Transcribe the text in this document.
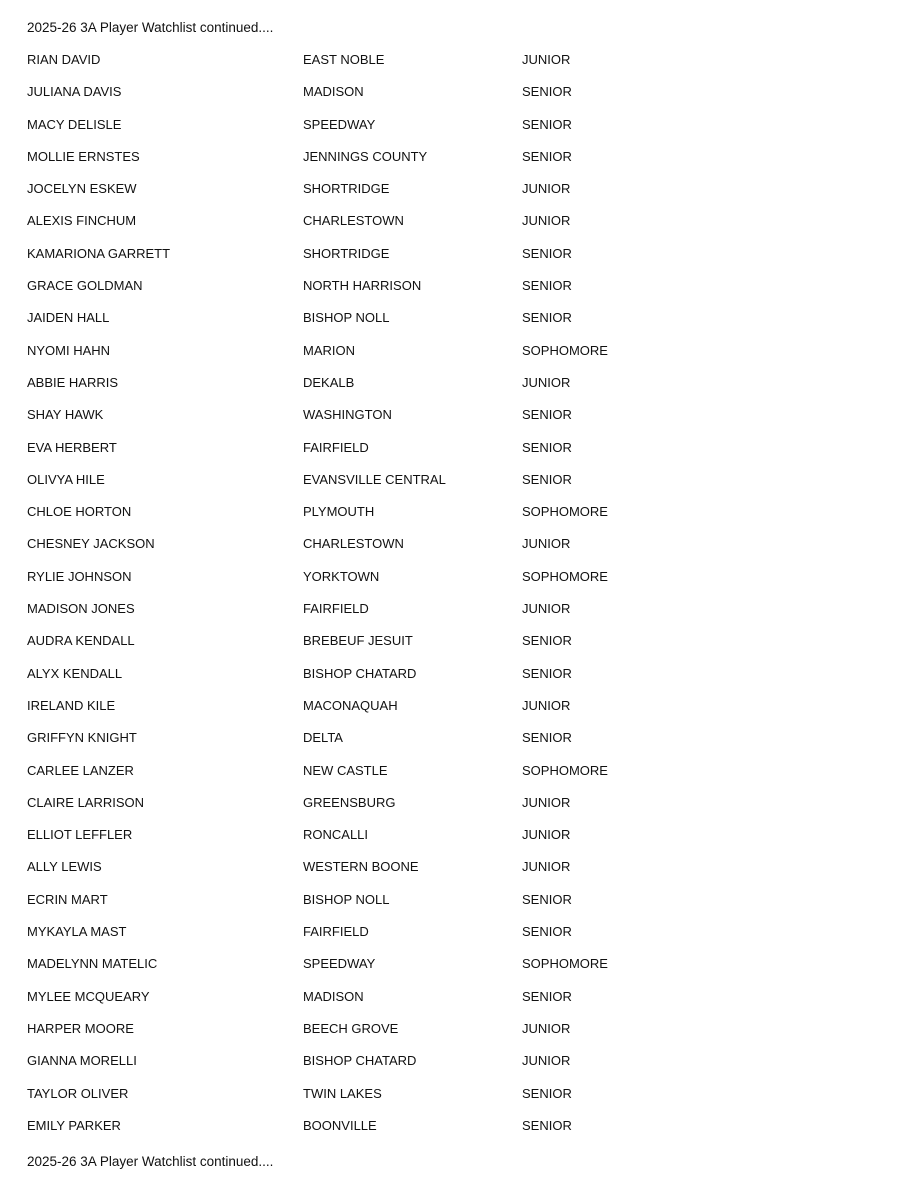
2025-26 3A Player Watchlist continued....
RIAN DAVID	EAST NOBLE	JUNIOR
JULIANA DAVIS	MADISON	SENIOR
MACY DELISLE	SPEEDWAY	SENIOR
MOLLIE ERNSTES	JENNINGS COUNTY	SENIOR
JOCELYN ESKEW	SHORTRIDGE	JUNIOR
ALEXIS FINCHUM	CHARLESTOWN	JUNIOR
KAMARIONA GARRETT	SHORTRIDGE	SENIOR
GRACE GOLDMAN	NORTH HARRISON	SENIOR
JAIDEN HALL	BISHOP NOLL	SENIOR
NYOMI HAHN	MARION	SOPHOMORE
ABBIE HARRIS	DEKALB	JUNIOR
SHAY HAWK	WASHINGTON	SENIOR
EVA HERBERT	FAIRFIELD	SENIOR
OLIVYA HILE	EVANSVILLE CENTRAL	SENIOR
CHLOE HORTON	PLYMOUTH	SOPHOMORE
CHESNEY JACKSON	CHARLESTOWN	JUNIOR
RYLIE JOHNSON	YORKTOWN	SOPHOMORE
MADISON JONES	FAIRFIELD	JUNIOR
AUDRA KENDALL	BREBEUF JESUIT	SENIOR
ALYX KENDALL	BISHOP CHATARD	SENIOR
IRELAND KILE	MACONAQUAH	JUNIOR
GRIFFYN KNIGHT	DELTA	SENIOR
CARLEE LANZER	NEW CASTLE	SOPHOMORE
CLAIRE LARRISON	GREENSBURG	JUNIOR
ELLIOT LEFFLER	RONCALLI	JUNIOR
ALLY LEWIS	WESTERN BOONE	JUNIOR
ECRIN MART	BISHOP NOLL	SENIOR
MYKAYLA MAST	FAIRFIELD	SENIOR
MADELYNN MATELIC	SPEEDWAY	SOPHOMORE
MYLEE MCQUEARY	MADISON	SENIOR
HARPER MOORE	BEECH GROVE	JUNIOR
GIANNA MORELLI	BISHOP CHATARD	JUNIOR
TAYLOR OLIVER	TWIN LAKES	SENIOR
EMILY PARKER	BOONVILLE	SENIOR
2025-26 3A Player Watchlist continued....
